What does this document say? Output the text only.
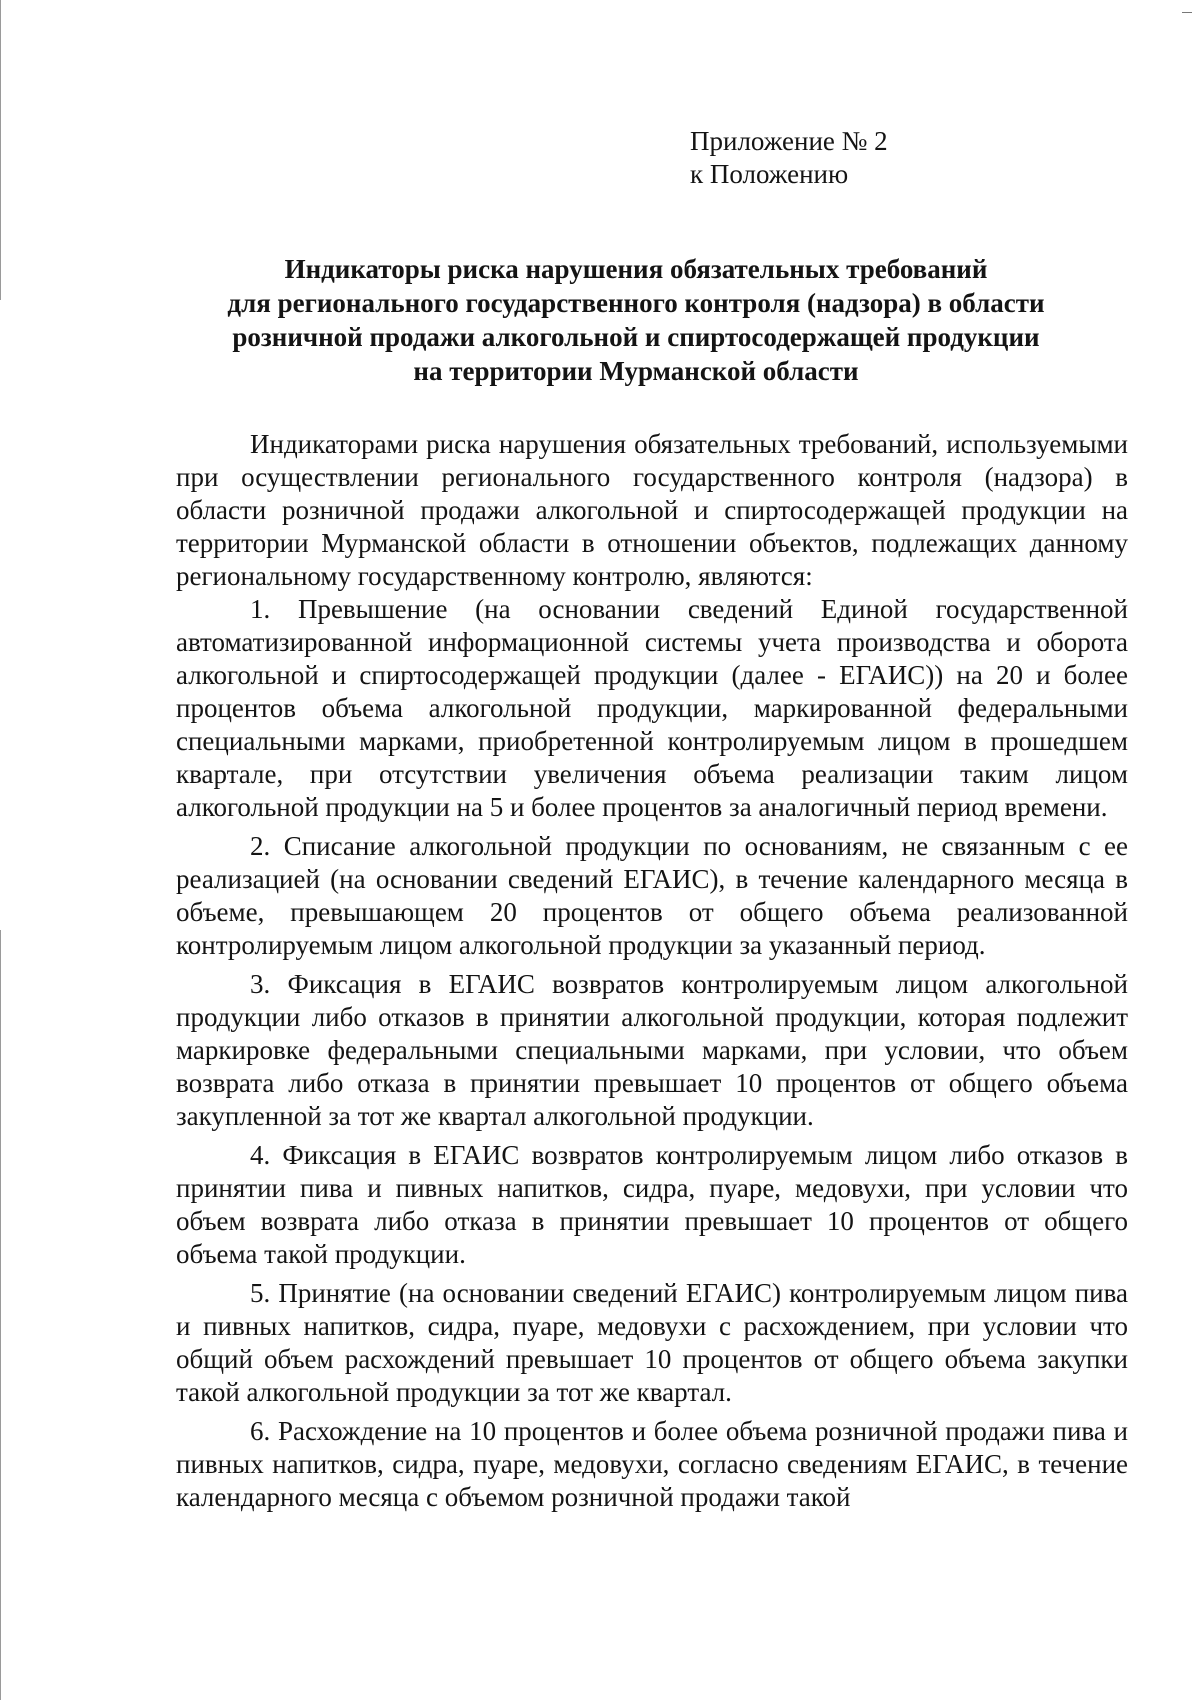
Приложение № 2
к Положению
Индикаторы риска нарушения обязательных требований
для регионального государственного контроля (надзора) в области
розничной продажи алкогольной и спиртосодержащей продукции
на территории Мурманской области

Индикаторами риска нарушения обязательных требований, используемыми при осуществлении регионального государственного контроля (надзора) в области розничной продажи алкогольной и спиртосодержащей продукции на территории Мурманской области в отношении объектов, подлежащих данному региональному государственному контролю, являются:

1. Превышение (на основании сведений Единой государственной автоматизированной информационной системы учета производства и оборота алкогольной и спиртосодержащей продукции (далее - ЕГАИС)) на 20 и более процентов объема алкогольной продукции, маркированной федеральными специальными марками, приобретенной контролируемым лицом в прошедшем квартале, при отсутствии увеличения объема реализации таким лицом алкогольной продукции на 5 и более процентов за аналогичный период времени.

2. Списание алкогольной продукции по основаниям, не связанным с ее реализацией (на основании сведений ЕГАИС), в течение календарного месяца в объеме, превышающем 20 процентов от общего объема реализованной контролируемым лицом алкогольной продукции за указанный период.

3. Фиксация в ЕГАИС возвратов контролируемым лицом алкогольной продукции либо отказов в принятии алкогольной продукции, которая подлежит маркировке федеральными специальными марками, при условии, что объем возврата либо отказа в принятии превышает 10 процентов от общего объема закупленной за тот же квартал алкогольной продукции.

4. Фиксация в ЕГАИС возвратов контролируемым лицом либо отказов в принятии пива и пивных напитков, сидра, пуаре, медовухи, при условии что объем возврата либо отказа в принятии превышает 10 процентов от общего объема такой продукции.

5. Принятие (на основании сведений ЕГАИС) контролируемым лицом пива и пивных напитков, сидра, пуаре, медовухи с расхождением, при условии что общий объем расхождений превышает 10 процентов от общего объема закупки такой алкогольной продукции за тот же квартал.

6. Расхождение на 10 процентов и более объема розничной продажи пива и пивных напитков, сидра, пуаре, медовухи, согласно сведениям ЕГАИС, в течение календарного месяца с объемом розничной продажи такой
